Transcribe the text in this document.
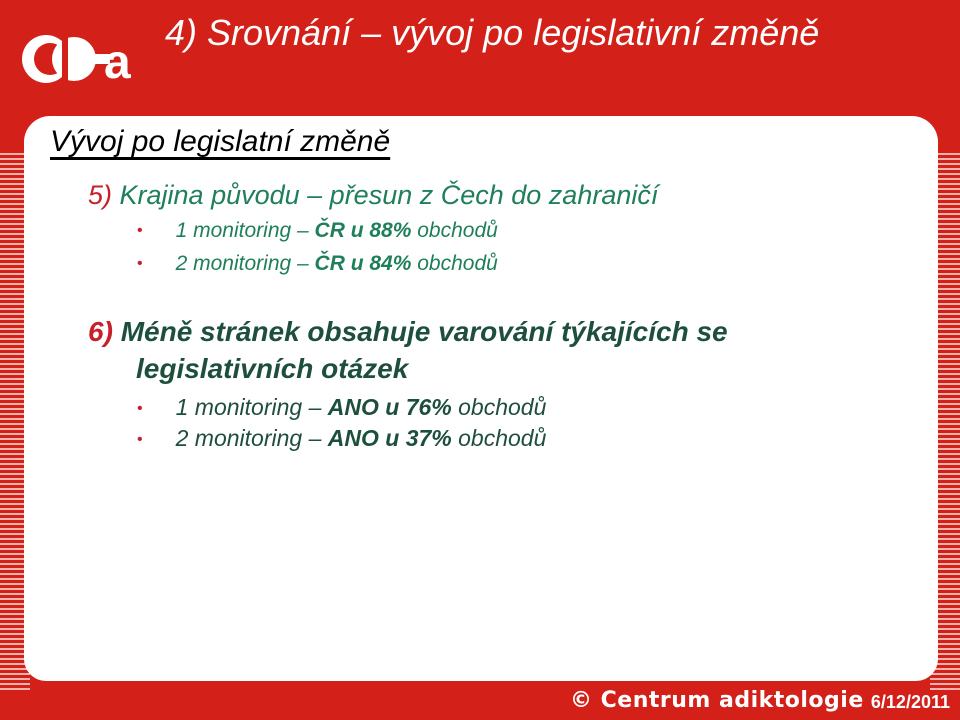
a
4) Srovnání – vývoj po legislativní změně
Vývoj po legislatní změně
5) Krajina původu – přesun z Čech do zahraničí
• 1 monitoring – ČR u 88% obchodů
• 2 monitoring – ČR u 84% obchodů
6) Méně stránek obsahuje varování týkajících se
legislativních otázek
• 1 monitoring – ANO u 76% obchodů
• 2 monitoring – ANO u 37% obchodů
© Centrum adiktologie 6/12/2011
